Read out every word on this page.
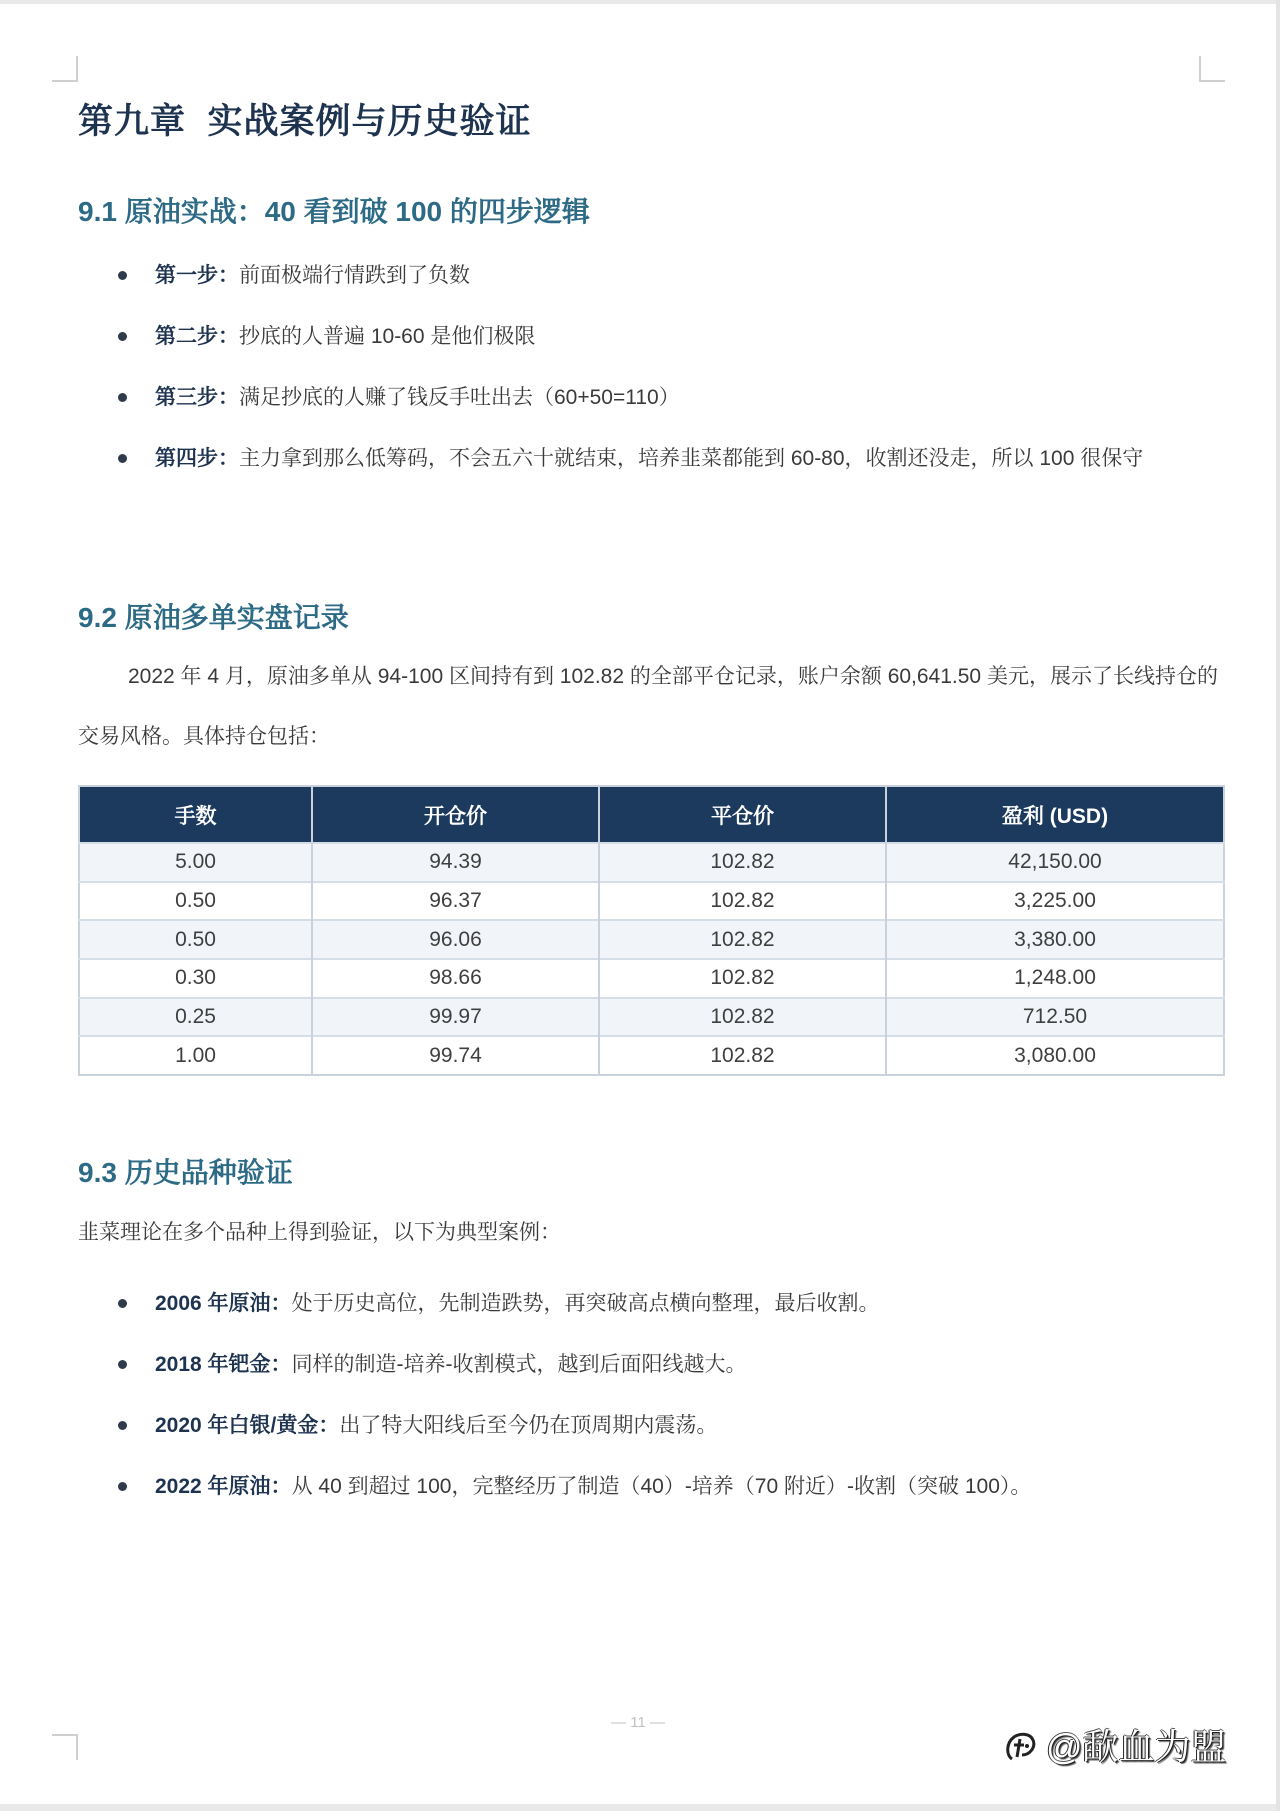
第九章  实战案例与历史验证
9.1 原油实战：40 看到破 100 的四步逻辑
第一步：前面极端行情跌到了负数
第二步：抄底的人普遍 10-60 是他们极限
第三步：满足抄底的人赚了钱反手吐出去（60+50=110）
第四步：主力拿到那么低筹码，不会五六十就结束，培养韭菜都能到 60-80，收割还没走，所以 100 很保守
9.2 原油多单实盘记录

2022 年 4 月，原油多单从 94-100 区间持有到 102.82 的全部平仓记录，账户余额 60,641.50 美元，展示了长线持仓的交易风格。具体持仓包括：

手数	开仓价	平仓价	盈利 (USD)
5.00	94.39	102.82	42,150.00
0.50	96.37	102.82	3,225.00
0.50	96.06	102.82	3,380.00
0.30	98.66	102.82	1,248.00
0.25	99.97	102.82	712.50
1.00	99.74	102.82	3,080.00
9.3 历史品种验证

韭菜理论在多个品种上得到验证，以下为典型案例：

2006 年原油：处于历史高位，先制造跌势，再突破高点横向整理，最后收割。
2018 年钯金：同样的制造-培养-收割模式，越到后面阳线越大。
2020 年白银/黄金：出了特大阳线后至今仍在顶周期内震荡。
2022 年原油：从 40 到超过 100，完整经历了制造（40）-培养（70 附近）-收割（突破 100）。
— 11 —
@歃血为盟
